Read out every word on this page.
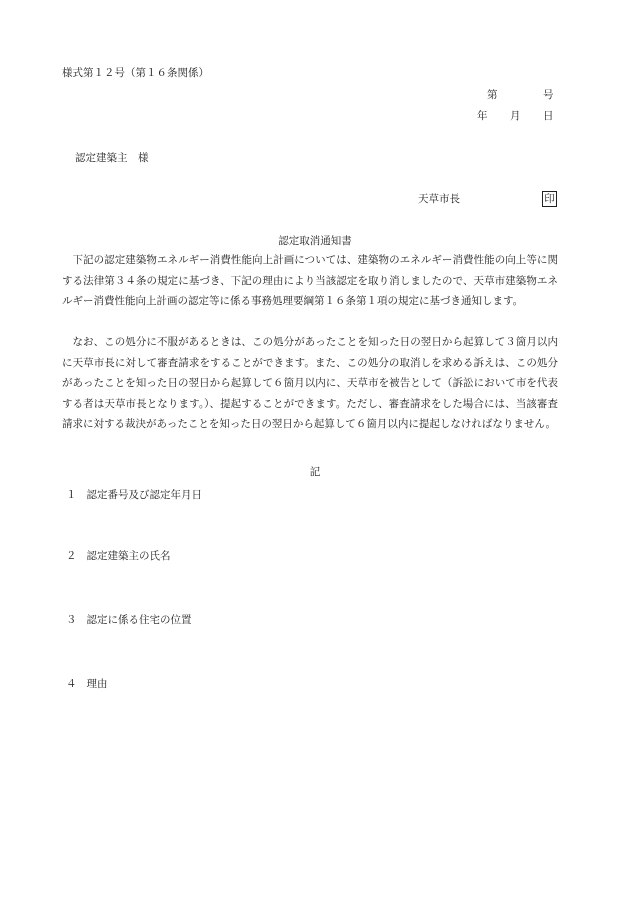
様式第１２号（第１６条関係）
第	号
年 月 日
認定建築主　様
天草市長	印
認定取消通知書
下記の認定建築物エネルギー消費性能向上計画については、建築物のエネルギー消費性能の向上等に関する法律第３４条の規定に基づき、下記の理由により当該認定を取り消しましたので、天草市建築物エネルギー消費性能向上計画の認定等に係る事務処理要綱第１６条第１項の規定に基づき通知します。
なお、この処分に不服があるときは、この処分があったことを知った日の翌日から起算して３箇月以内に天草市長に対して審査請求をすることができます。また、この処分の取消しを求める訴えは、この処分があったことを知った日の翌日から起算して６箇月以内に、天草市を被告として（訴訟において市を代表する者は天草市長となります。）、提起することができます。ただし、審査請求をした場合には、当該審査請求に対する裁決があったことを知った日の翌日から起算して６箇月以内に提起しなければなりません。
記
１ 認定番号及び認定年月日
２ 認定建築主の氏名
３ 認定に係る住宅の位置
４ 理由
